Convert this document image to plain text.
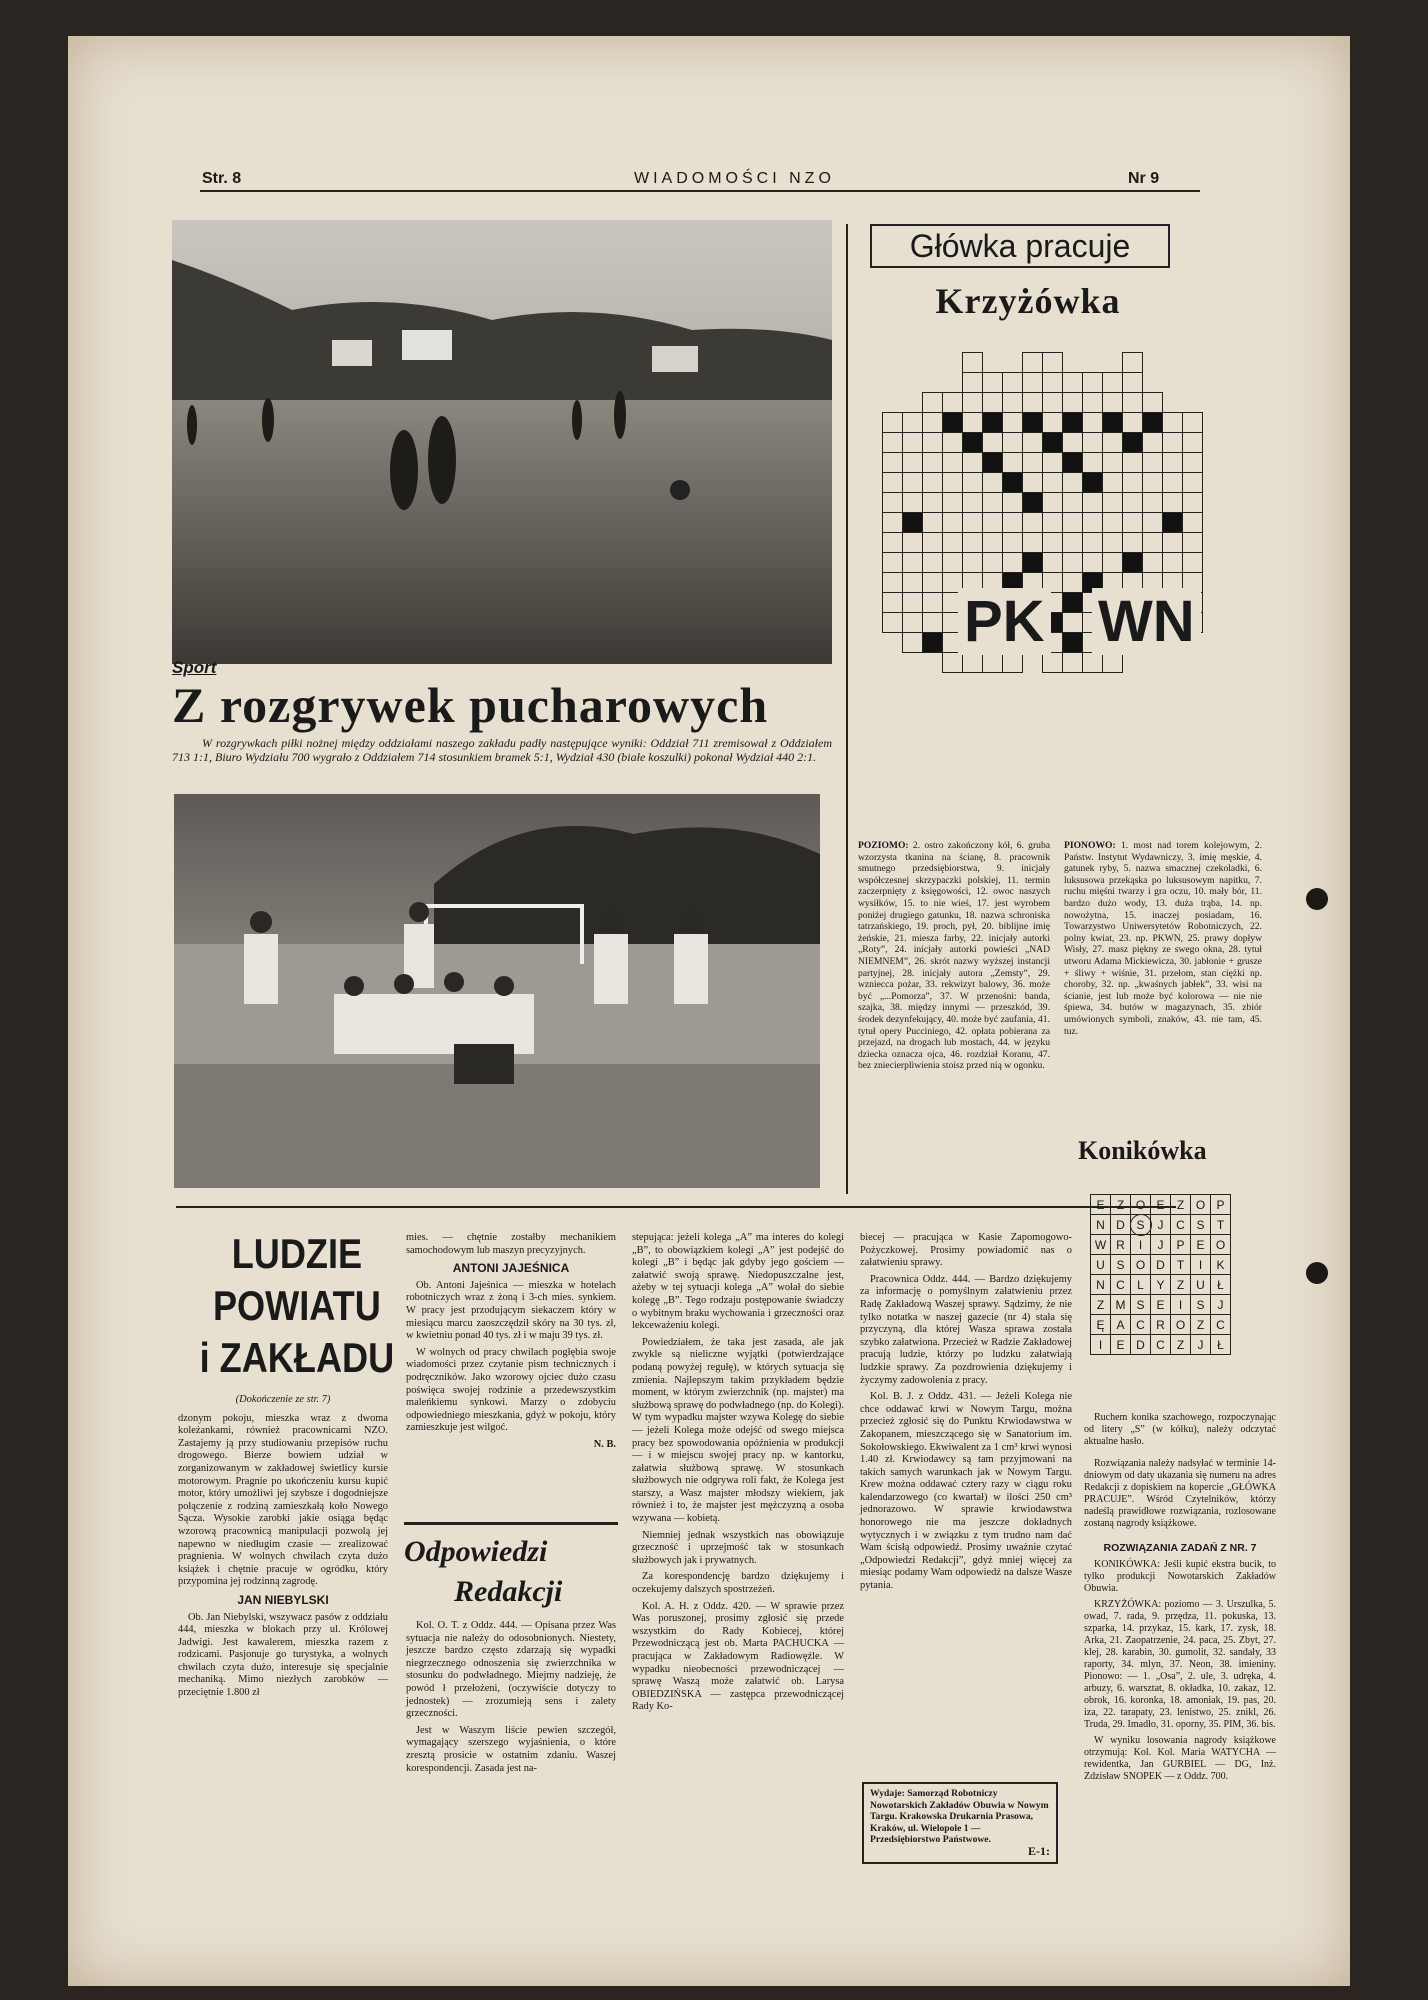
Str. 8	WIADOMOŚCI NZO	Nr 9
Sport
Z rozgrywek pucharowych
W rozgrywkach piłki nożnej między oddziałami naszego zakładu padły następujące wyniki: Oddział 711 zremisował z Oddziałem 713 1:1, Biuro Wydziału 700 wygrało z Oddziałem 714 stosunkiem bramek 5:1, Wydział 430 (białe koszulki) pokonał Wydział 440 2:1.
Główka pracuje
Krzyżówka

PK WN
POZIOMO: 2. ostro zakończony kół, 6. gruba wzorzysta tkanina na ścianę, 8. pracownik smutnego przedsiębiorstwa, 9. inicjały współczesnej skrzypaczki polskiej, 11. termin zaczerpnięty z księgowości, 12. owoc naszych wysiłków, 15. to nie wieś, 17. jest wyrobem poniżej drugiego gatunku, 18. nazwa schroniska tatrzańskiego, 19. proch, pył, 20. biblijne imię żeńskie, 21. miesza farby, 22. inicjały autorki „Roty”, 24. inicjały autorki powieści „NAD NIEMNEM”, 26. skrót nazwy wyższej instancji partyjnej, 28. inicjały autora „Zemsty”, 29. wzniecca pożar, 33. rekwizyt balowy, 36. może być „...Pomorza”, 37. W przenośni: banda, szajka, 38. między innymi — przeszkód, 39. środek dezynfekujący, 40. może być zaufania, 41. tytuł opery Pucciniego, 42. opłata pobierana za przejazd, na drogach lub mostach, 44. w języku dziecka oznacza ojca, 46. rozdział Koranu, 47. bez zniecierpliwienia stoisz przed nią w ogonku.
PIONOWO: 1. most nad torem kolejowym, 2. Państw. Instytut Wydawniczy, 3. imię męskie, 4. gatunek ryby, 5. nazwa smacznej czekoladki, 6. luksusowa przekąska po luksusowym napitku, 7. ruchu mięśni twarzy i gra oczu, 10. mały bór, 11. bardzo dużo wody, 13. duża trąba, 14. np. nowożytna, 15. inaczej posiadam, 16. Towarzystwo Uniwersytetów Robotniczych, 22. polny kwiat, 23. np. PKWN, 25. prawy dopływ Wisły, 27. masz piękny ze swego okna, 28. tytuł utworu Adama Mickiewicza, 30. jabłonie + grusze + śliwy + wiśnie, 31. przełom, stan ciężki np. choroby, 32. np. „kwaśnych jabłek”, 33. wisi na ścianie, jest lub może być kolorowa — nie nie śpiewa, 34. butów w magazynach, 35. zbiór umówionych symboli, znaków, 43. nie tam, 45. tuz.
Konikówka
E	Z	O	E	Z	O	P
N	D	S	J	C	S	T
W	R	I	J	P	E	O
U	S	O	D	T	I	K
N	C	L	Y	Z	U	Ł
Z	M	S	E	I	S	J
Ę	A	C	R	O	Z	C
I	E	D	C	Z	J	Ł

Ruchem konika szachowego, rozpoczynając od litery „S” (w kółku), należy odczytać aktualne hasło.

Rozwiązania należy nadsyłać w terminie 14-dniowym od daty ukazania się numeru na adres Redakcji z dopiskiem na kopercie „GŁÓWKA PRACUJE”. Wśród Czytelników, którzy nadeślą prawidłowe rozwiązania, rozlosowane zostaną nagrody książkowe.

ROZWIĄZANIA ZADAŃ Z NR. 7

KONIKÓWKA: Jeśli kupić ekstra bucik, to tylko produkcji Nowotarskich Zakładów Obuwia.

KRZYŻÓWKA: poziomo — 3. Urszulka, 5. owad, 7. rada, 9. przędza, 11. pokuska, 13. szparka, 14. przykaz, 15. kark, 17. zysk, 18. Arka, 21. Zaopatrzenie, 24. paca, 25. Zbyt, 27. klej, 28. karabin, 30. gumolit, 32. sandały, 33 raporty, 34. mlyn, 37. Neon, 38. imieniny. Pionowo: — 1. „Osa”, 2. ule, 3. udręka, 4. arbuzy, 6. warsztat, 8. okładka, 10. zakaz, 12. obrok, 16. koronka, 18. amoniak, 19. pas, 20. iza, 22. tarapaty, 23. lenistwo, 25. znikl, 26. Truda, 29. Imadło, 31. oporny, 35. PIM, 36. bis.

W wyniku losowania nagrody książkowe otrzymują: Kol. Kol. Maria WATYCHA — rewidentka, Jan GURBIEL — DG, Inż. Zdzisław SNOPEK — z Oddz. 700.

LUDZIE
POWIATU
i ZAKŁADU

(Dokończenie ze str. 7)

dzonym pokoju, mieszka wraz z dwoma koleżankami, również pracownicami NZO. Zastajemy ją przy studiowaniu przepisów ruchu drogowego. Bierze bowiem udział w zorganizowanym w zakładowej świetlicy kursie motorowym. Pragnie po ukończeniu kursu kupić motor, który umożliwi jej szybsze i dogodniejsze połączenie z rodziną zamieszkałą koło Nowego Sącza. Wysokie zarobki jakie osiąga będąc wzorową pracownicą manipulacji pozwolą jej napewno w niedługim czasie — zrealizować pragnienia. W wolnych chwilach czyta dużo książek i chętnie pracuje w ogródku, który przypomina jej rodzinną zagrodę.

JAN NIEBYLSKI

Ob. Jan Niebylski, wszywacz pasów z oddziału 444, mieszka w blokach przy ul. Królowej Jadwigi. Jest kawalerem, mieszka razem z rodzicami. Pasjonuje go turystyka, a wolnych chwilach czyta dużo, interesuje się specjalnie mechaniką. Mimo niezłych zarobków — przeciętnie 1.800 zł

mies. — chętnie zostałby mechanikiem samochodowym lub maszyn precyzyjnych.

ANTONI JAJEŚNICA

Ob. Antoni Jajeśnica — mieszka w hotelach robotniczych wraz z żoną i 3-ch mies. synkiem. W pracy jest przodującym siekaczem który w miesiącu marcu zaoszczędził skóry na 30 tys. zł, w kwietniu ponad 40 tys. zł i w maju 39 tys. zł.

W wolnych od pracy chwilach pogłębia swoje wiadomości przez czytanie pism technicznych i podręczników. Jako wzorowy ojciec dużo czasu poświęca swojej rodzinie a przedewszystkim maleńkiemu synkowi. Marzy o zdobyciu odpowiedniego mieszkania, gdyż w pokoju, który zamieszkuje jest wilgoć.

N. B.

Odpowiedzi
Redakcji

Kol. O. T. z Oddz. 444. — Opisana przez Was sytuacja nie należy do odosobnionych. Niestety, jeszcze bardzo często zdarzają się wypadki niegrzecznego odnoszenia się zwierzchnika w stosunku do podwładnego. Miejmy nadzieję, że powód ł przełożeni, (oczywiście dotyczy to jednostek) — zrozumieją sens i zalety grzeczności.

Jest w Waszym liście pewien szczegół, wymagający szerszego wyjaśnienia, o które zresztą prosicie w ostatnim zdaniu. Waszej korespondencji. Zasada jest na-

stepująca: jeżeli kolega „A” ma interes do kolegi „B”, to obowiązkiem kolegi „A” jest podejść do kolegi „B” i będąc jak gdyby jego gościem — załatwić swoją sprawę. Niedopuszczalne jest, ażeby w tej sytuacji kolega „A” wołał do siebie kolegę „B”. Tego rodzaju postępowanie świadczy o wybitnym braku wychowania i grzeczności oraz lekceważeniu kolegi.

Powiedziałem, że taka jest zasada, ale jak zwykle są nieliczne wyjątki (potwierdzające podaną powyżej regułę), w których sytuacja się zmienia. Najlepszym takim przykładem będzie moment, w którym zwierzchnik (np. majster) ma służbową sprawę do podwładnego (np. do Kolegi). W tym wypadku majster wzywa Kolegę do siebie — jeżeli Kolega może odejść od swego miejsca pracy bez spowodowania opóźnienia w produkcji — i w miejscu swojej pracy np. w kantorku, załatwia służbową sprawę. W stosunkach służbowych nie odgrywa roli fakt, że Kolega jest starszy, a Wasz majster młodszy wiekiem, jak również i to, że majster jest mężczyzną a osoba wzywana — kobietą.

Niemniej jednak wszystkich nas obowiązuje grzeczność i uprzejmość tak w stosunkach służbowych jak i prywatnych.

Za korespondencję bardzo dziękujemy i oczekujemy dalszych spostrzeżeń.

Kol. A. H. z Oddz. 420. — W sprawie przez Was poruszonej, prosimy zgłosić się przede wszystkim do Rady Kobiecej, której Przewodniczącą jest ob. Marta PACHUCKA — pracująca w Zakładowym Radiowęźle. W wypadku nieobecności przewodniczącej — sprawę Waszą może załatwić ob. Larysa OBIEDZIŃSKA — zastępca przewodniczącej Rady Ko-

biecej — pracująca w Kasie Zapomogowo-Pożyczkowej. Prosimy powiadomić nas o załatwieniu sprawy.

Pracownica Oddz. 444. — Bardzo dziękujemy za informację o pomyślnym załatwieniu przez Radę Zakładową Waszej sprawy. Sądzimy, że nie tylko notatka w naszej gazecie (nr 4) stała się przyczyną, dla której Wasza sprawa została szybko załatwiona. Przecież w Radzie Zakładowej pracują ludzie, którzy po ludzku załatwiają ludzkie sprawy. Za pozdrowienia dziękujemy i życzymy zadowolenia z pracy.

Kol. B. J. z Oddz. 431. — Jeżeli Kolega nie chce oddawać krwi w Nowym Targu, można przecież zgłosić się do Punktu Krwiodawstwa w Zakopanem, mieszczącego się w Sanatorium im. Sokołowskiego. Ekwiwalent za 1 cm³ krwi wynosi 1.40 zł. Krwiodawcy są tam przyjmowani na takich samych warunkach jak w Nowym Targu. Krew można oddawać cztery razy w ciągu roku kalendarzowego (co kwartał) w ilości 250 cm³ jednorazowo. W sprawie krwiodawstwa honorowego nie ma jeszcze dokładnych wytycznych i w związku z tym trudno nam dać Wam ścisłą odpowiedź. Prosimy uważnie czytać „Odpowiedzi Redakcji”, gdyż mniej więcej za miesiąc podamy Wam odpowiedź na dalsze Wasze pytania.

Wydaje: Samorząd Robotniczy Nowotarskich Zakładów Obuwia w Nowym Targu. Krakowska Drukarnia Prasowa, Kraków, ul. Wielopole 1 — Przedsiębiorstwo Państwowe.
E-1:
